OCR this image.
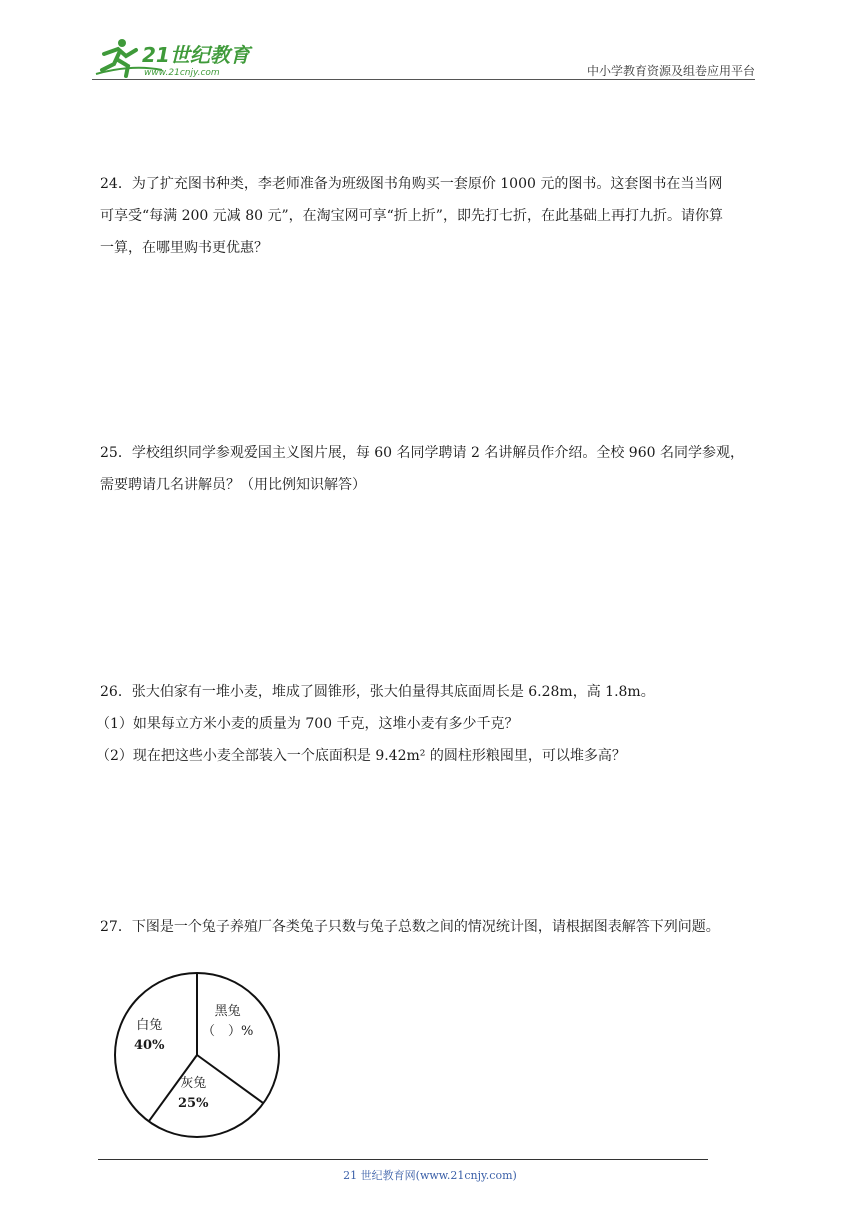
21世纪教育
www.21cnjy.com	中小学教育资源及组卷应用平台
24．为了扩充图书种类，李老师准备为班级图书角购买一套原价 1000 元的图书。这套图书在当当网
可享受“每满 200 元减 80 元”，在淘宝网可享“折上折”，即先打七折，在此基础上再打九折。请你算
一算，在哪里购书更优惠？
25．学校组织同学参观爱国主义图片展，每 60 名同学聘请 2 名讲解员作介绍。全校 960 名同学参观，
需要聘请几名讲解员？（用比例知识解答）
26．张大伯家有一堆小麦，堆成了圆锥形，张大伯量得其底面周长是 6.28m，高 1.8m。
（1）如果每立方米小麦的质量为 700 千克，这堆小麦有多少千克？
（2）现在把这些小麦全部装入一个底面积是 9.42m² 的圆柱形粮囤里，可以堆多高？
27．下图是一个兔子养殖厂各类兔子只数与兔子总数之间的情况统计图，请根据图表解答下列问题。
白兔
40%
灰兔
25%
黑兔
（　）%
21 世纪教育网(www.21cnjy.com)
